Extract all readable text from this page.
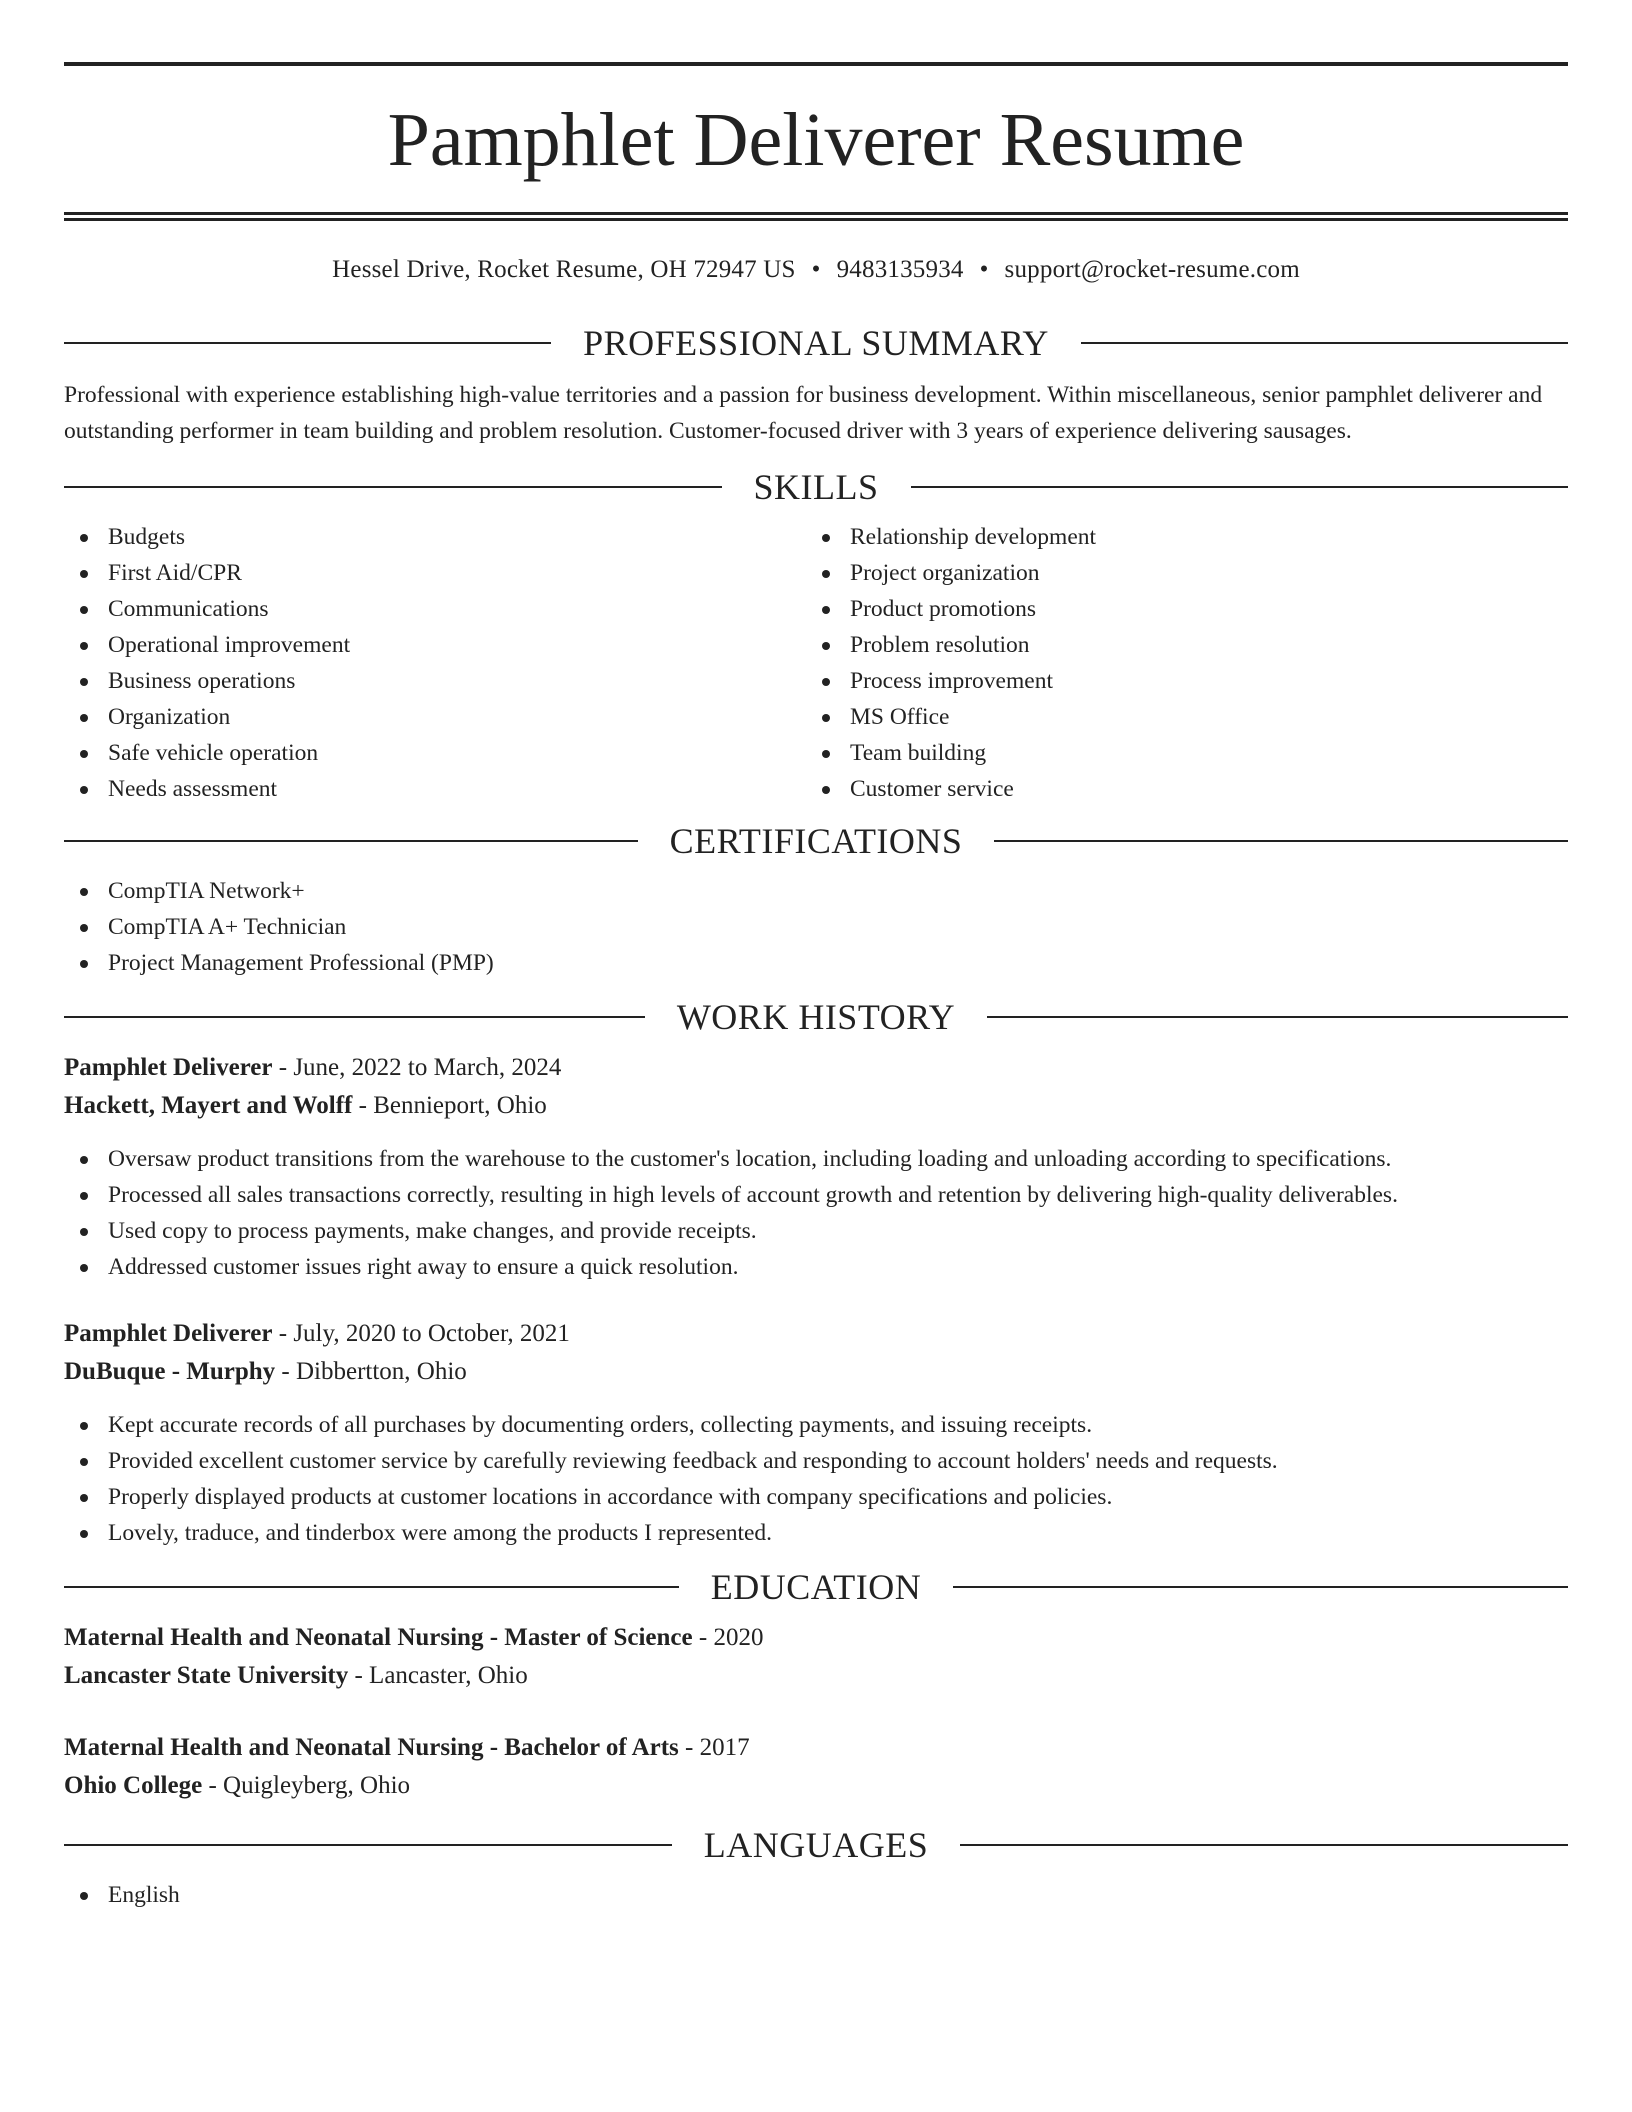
Pamphlet Deliverer Resume
Hessel Drive, Rocket Resume, OH 72947 US • 9483135934 • support@rocket-resume.com
PROFESSIONAL SUMMARY

Professional with experience establishing high-value territories and a passion for business development. Within miscellaneous, senior pamphlet deliverer and outstanding performer in team building and problem resolution. Customer-focused driver with 3 years of experience delivering sausages.

SKILLS
Budgets
First Aid/CPR
Communications
Operational improvement
Business operations
Organization
Safe vehicle operation
Needs assessment
Relationship development
Project organization
Product promotions
Problem resolution
Process improvement
MS Office
Team building
Customer service
CERTIFICATIONS
CompTIA Network+
CompTIA A+ Technician
Project Management Professional (PMP)
WORK HISTORY
Pamphlet Deliverer - June, 2022 to March, 2024
Hackett, Mayert and Wolff - Bennieport, Ohio
Oversaw product transitions from the warehouse to the customer's location, including loading and unloading according to specifications.
Processed all sales transactions correctly, resulting in high levels of account growth and retention by delivering high-quality deliverables.
Used copy to process payments, make changes, and provide receipts.
Addressed customer issues right away to ensure a quick resolution.
Pamphlet Deliverer - July, 2020 to October, 2021
DuBuque - Murphy - Dibbertton, Ohio
Kept accurate records of all purchases by documenting orders, collecting payments, and issuing receipts.
Provided excellent customer service by carefully reviewing feedback and responding to account holders' needs and requests.
Properly displayed products at customer locations in accordance with company specifications and policies.
Lovely, traduce, and tinderbox were among the products I represented.
EDUCATION
Maternal Health and Neonatal Nursing - Master of Science - 2020
Lancaster State University - Lancaster, Ohio
Maternal Health and Neonatal Nursing - Bachelor of Arts - 2017
Ohio College - Quigleyberg, Ohio
LANGUAGES
English
